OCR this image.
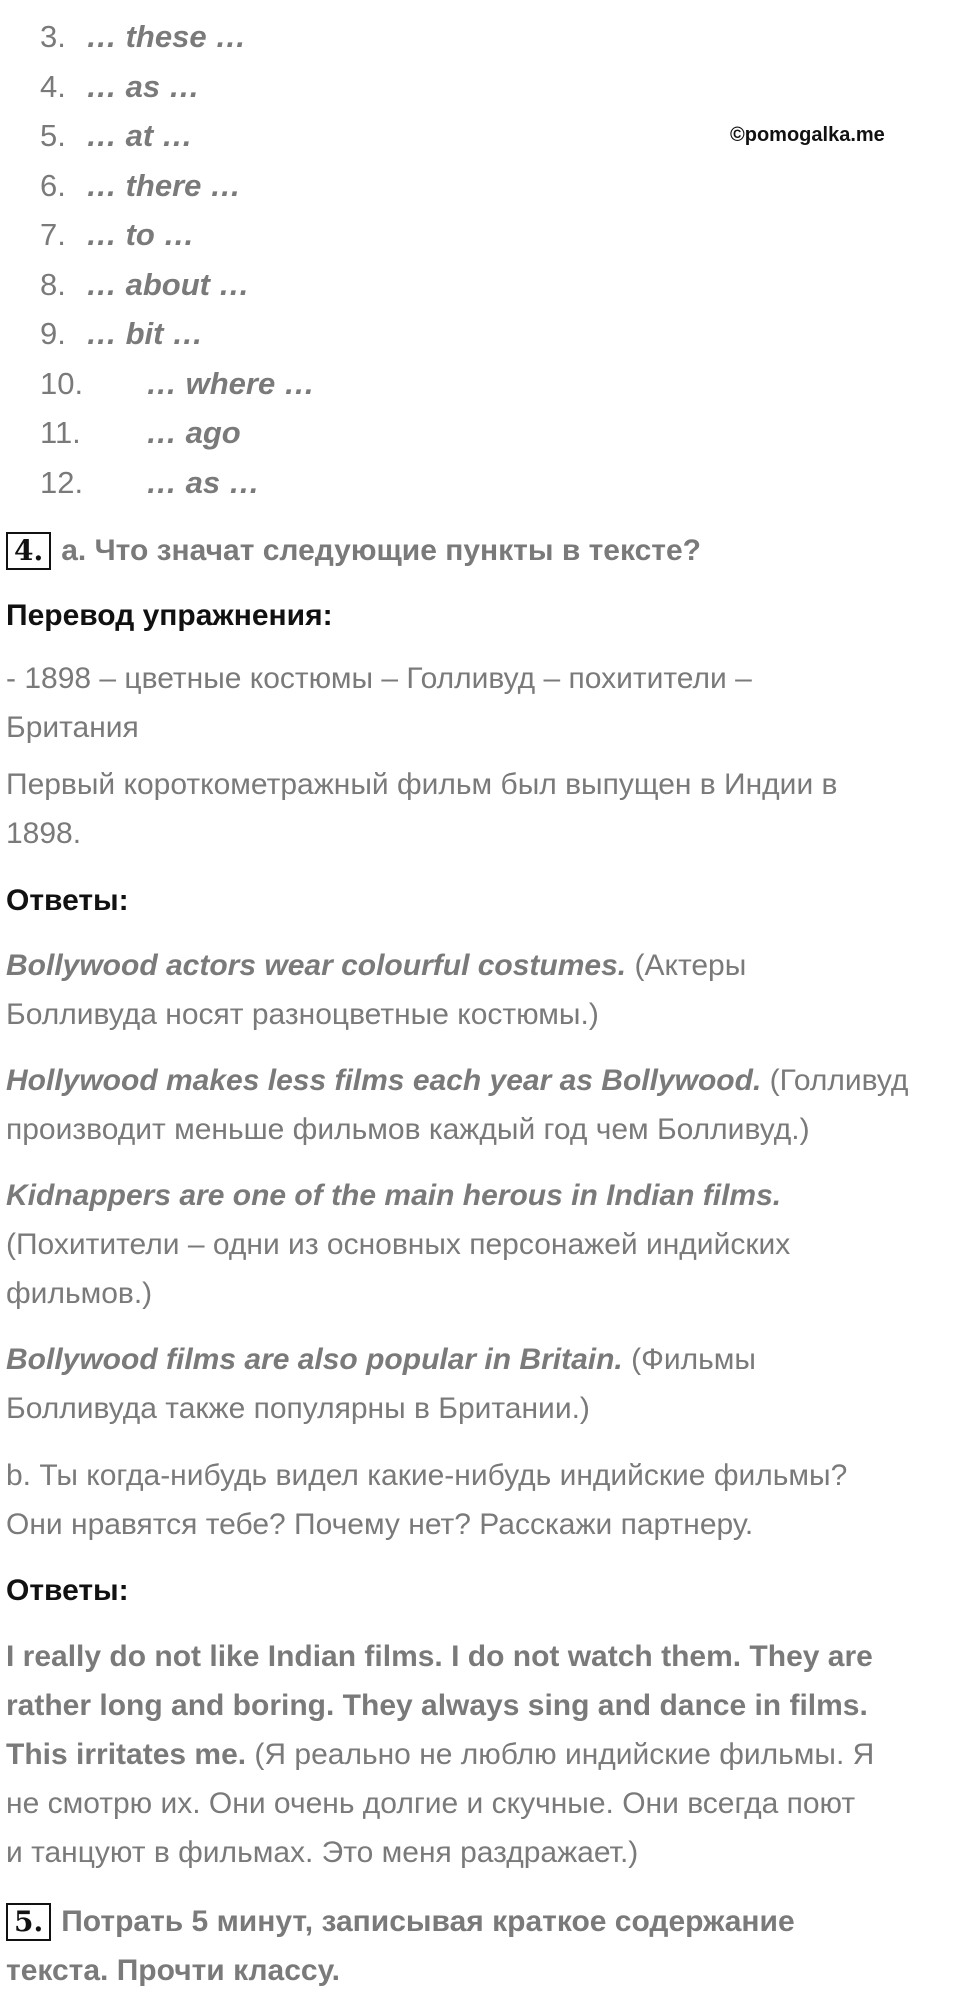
3. … these …
4. … as …
5. … at …
6. … there …
7. … to …
8. … about …
9. … bit …
10. … where …
11. … ago
12. … as …
©pomogalka.me
4. a. Что значат следующие пункты в тексте?
Перевод упражнения:
- 1898 – цветные костюмы – Голливуд – похитители –
Британия
Первый короткометражный фильм был выпущен в Индии в
1898.
Ответы:
Bollywood actors wear colourful costumes. (Актеры
Болливуда носят разноцветные костюмы.)
Hollywood makes less films each year as Bollywood. (Голливуд
производит меньше фильмов каждый год чем Болливуд.)
Kidnappers are one of the main herous in Indian films.
(Похитители – одни из основных персонажей индийских
фильмов.)
Bollywood films are also popular in Britain. (Фильмы
Болливуда также популярны в Британии.)
b. Ты когда-нибудь видел какие-нибудь индийские фильмы?
Они нравятся тебе? Почему нет? Расскажи партнеру.
Ответы:
I really do not like Indian films. I do not watch them. They are
rather long and boring. They always sing and dance in films.
This irritates me. (Я реально не люблю индийские фильмы. Я
не смотрю их. Они очень долгие и скучные. Они всегда поют
и танцуют в фильмах. Это меня раздражает.)
5. Потрать 5 минут, записывая краткое содержание
текста. Прочти классу.
